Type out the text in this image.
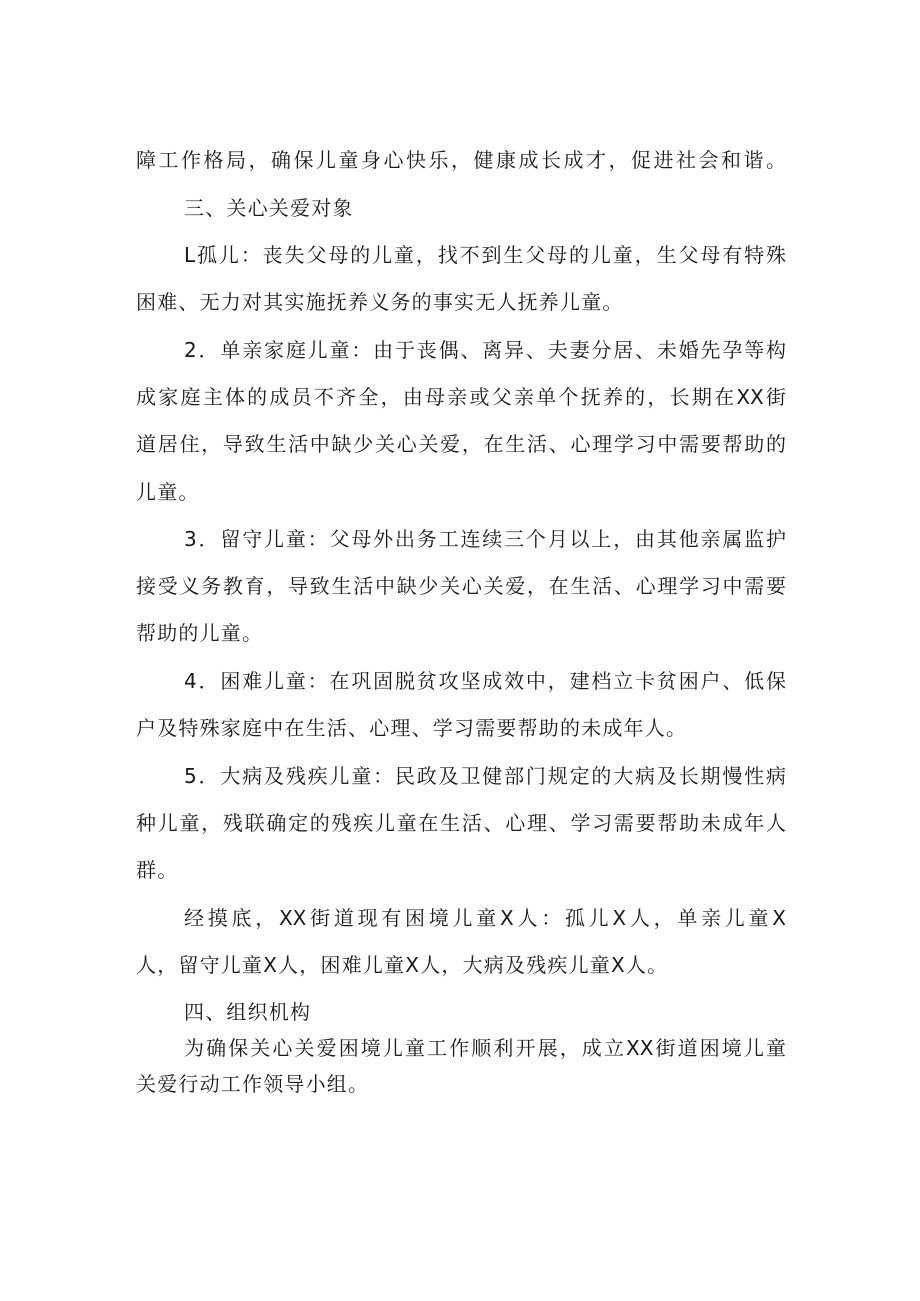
障工作格局，确保儿童身心快乐，健康成长成才，促进社会和谐。
三、关心关爱对象
L孤儿：丧失父母的儿童，找不到生父母的儿童，生父母有特殊
困难、无力对其实施抚养义务的事实无人抚养儿童。
2．单亲家庭儿童：由于丧偶、离异、夫妻分居、未婚先孕等构
成家庭主体的成员不齐全，由母亲或父亲单个抚养的，长期在XX街
道居住，导致生活中缺少关心关爱，在生活、心理学习中需要帮助的
儿童。
3．留守儿童：父母外出务工连续三个月以上，由其他亲属监护
接受义务教育，导致生活中缺少关心关爱，在生活、心理学习中需要
帮助的儿童。
4．困难儿童：在巩固脱贫攻坚成效中，建档立卡贫困户、低保
户及特殊家庭中在生活、心理、学习需要帮助的未成年人。
5．大病及残疾儿童：民政及卫健部门规定的大病及长期慢性病
种儿童，残联确定的残疾儿童在生活、心理、学习需要帮助未成年人
群。
经摸底，XX街道现有困境儿童X人：孤儿X人，单亲儿童X
人，留守儿童X人，困难儿童X人，大病及残疾儿童X人。
四、组织机构
为确保关心关爱困境儿童工作顺利开展，成立XX街道困境儿童
关爱行动工作领导小组。
